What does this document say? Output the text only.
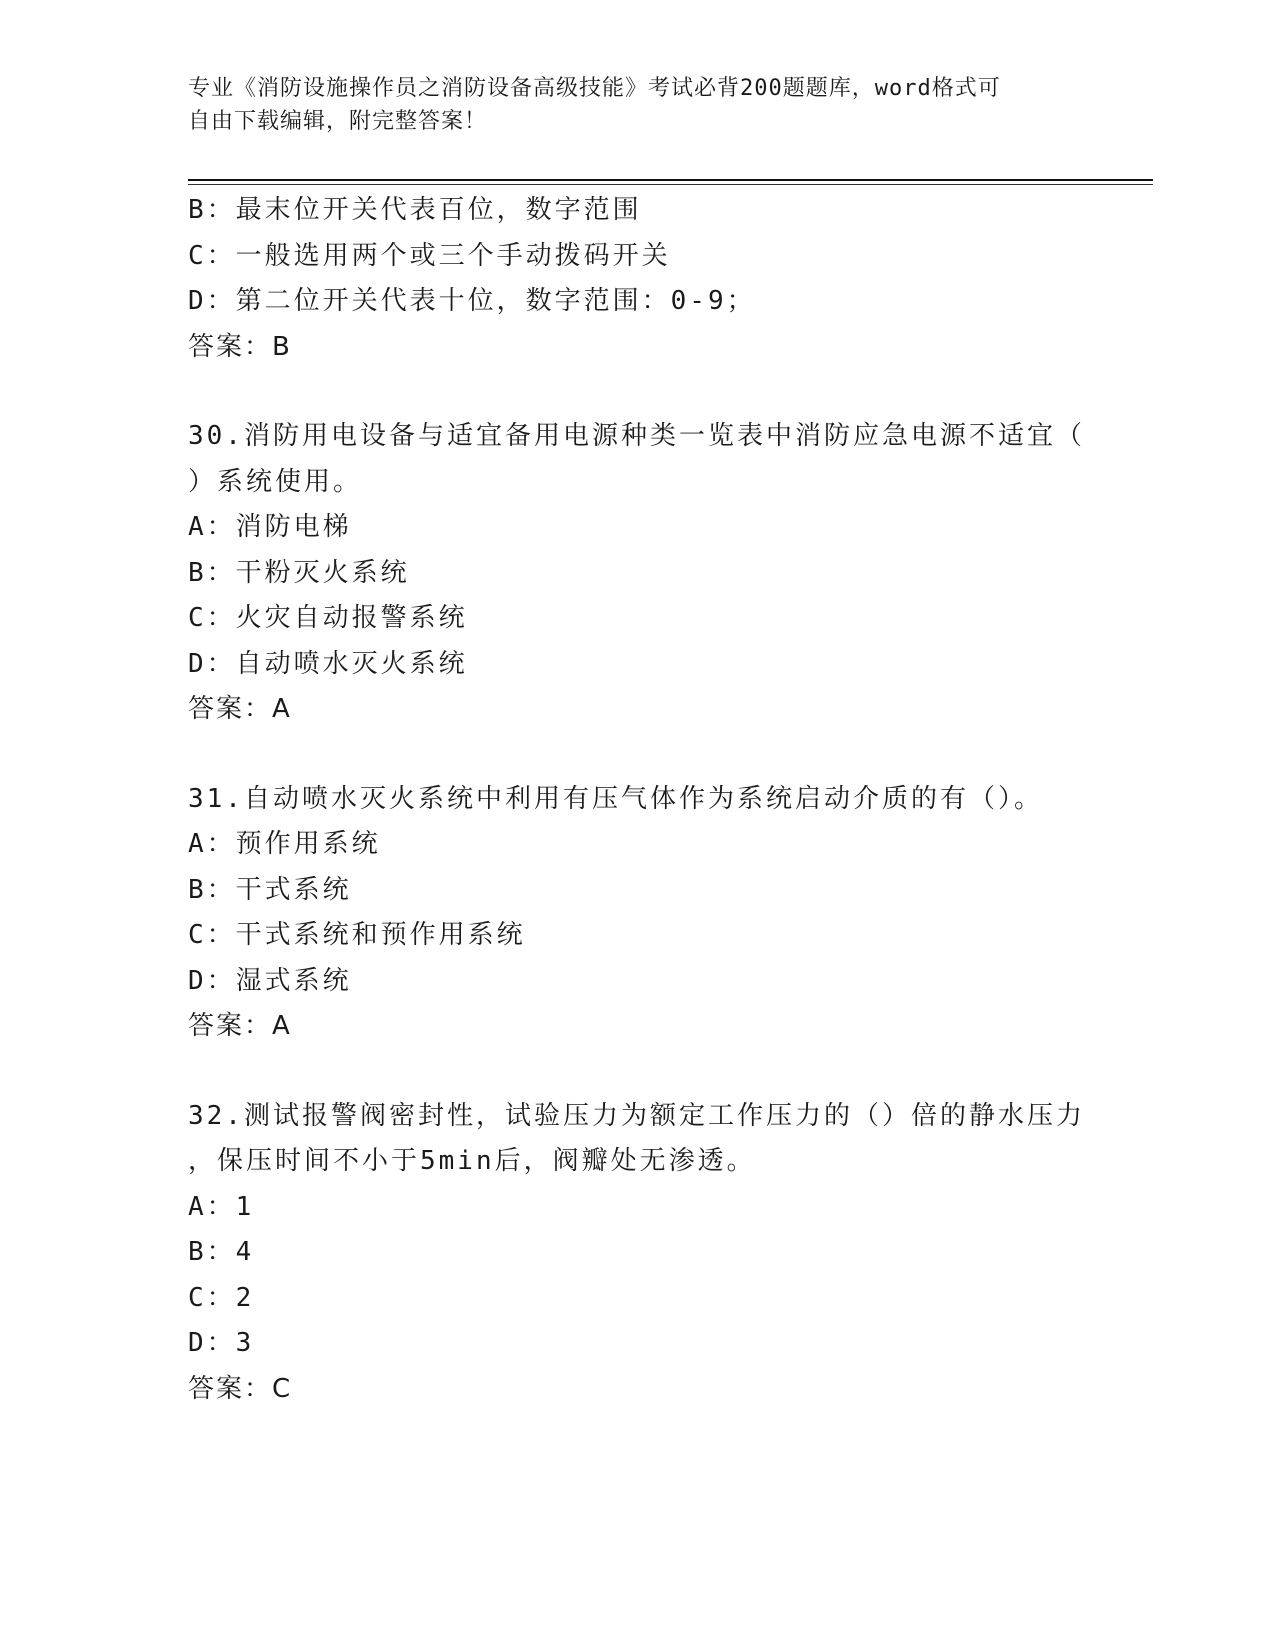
专业《消防设施操作员之消防设备高级技能》考试必背200题题库，word格式可
自由下载编辑，附完整答案！
B：最末位开关代表百位，数字范围
C：一般选用两个或三个手动拨码开关
D：第二位开关代表十位，数字范围：0-9；
答案：B
30.消防用电设备与适宜备用电源种类一览表中消防应急电源不适宜（
）系统使用。
A：消防电梯
B：干粉灭火系统
C：火灾自动报警系统
D：自动喷水灭火系统
答案：A
31.自动喷水灭火系统中利用有压气体作为系统启动介质的有（）。
A：预作用系统
B：干式系统
C：干式系统和预作用系统
D：湿式系统
答案：A
32.测试报警阀密封性，试验压力为额定工作压力的（）倍的静水压力
，保压时间不小于5min后，阀瓣处无渗透。
A：1
B：4
C：2
D：3
答案：C
